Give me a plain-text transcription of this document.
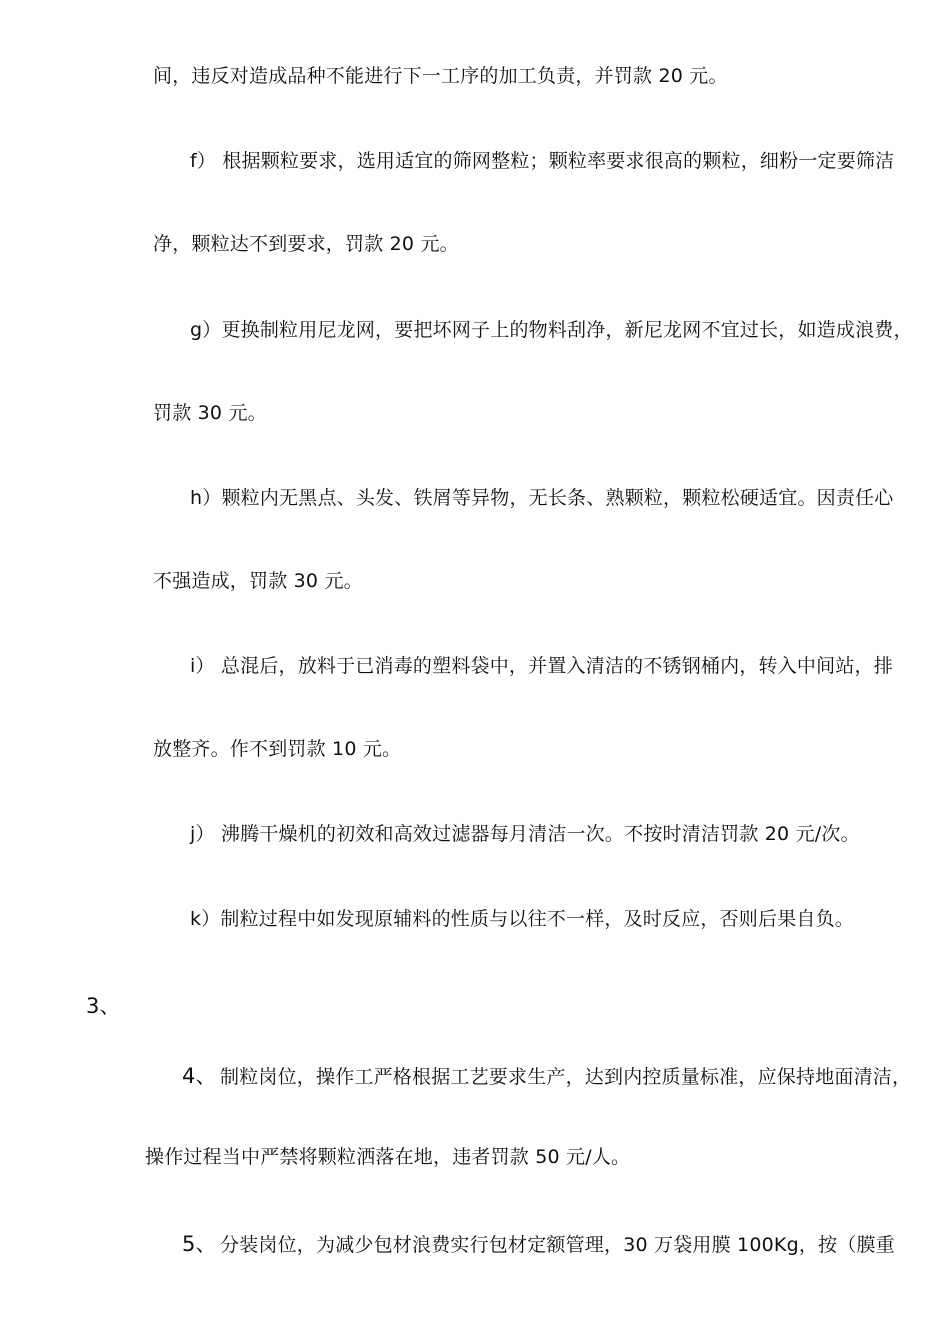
间，违反对造成品种不能进行下一工序的加工负责，并罚款 20 元。
f） 根据颗粒要求，选用适宜的筛网整粒；颗粒率要求很高的颗粒，细粉一定要筛洁
净，颗粒达不到要求，罚款 20 元。
g）更换制粒用尼龙网，要把坏网子上的物料刮净，新尼龙网不宜过长，如造成浪费，
罚款 30 元。
h）颗粒内无黑点、头发、铁屑等异物，无长条、熟颗粒，颗粒松硬适宜。因责任心
不强造成，罚款 30 元。
i） 总混后，放料于已消毒的塑料袋中，并置入清洁的不锈钢桶内，转入中间站，排
放整齐。作不到罚款 10 元。
j） 沸腾干燥机的初效和高效过滤器每月清洁一次。不按时清洁罚款 20 元/次。
k）制粒过程中如发现原辅料的性质与以往不一样，及时反应，否则后果自负。
3、
4、 制粒岗位，操作工严格根据工艺要求生产，达到内控质量标准，应保持地面清洁，
操作过程当中严禁将颗粒洒落在地，违者罚款 50 元/人。
5、 分装岗位，为减少包材浪费实行包材定额管理，30 万袋用膜 100Kg，按（膜重
